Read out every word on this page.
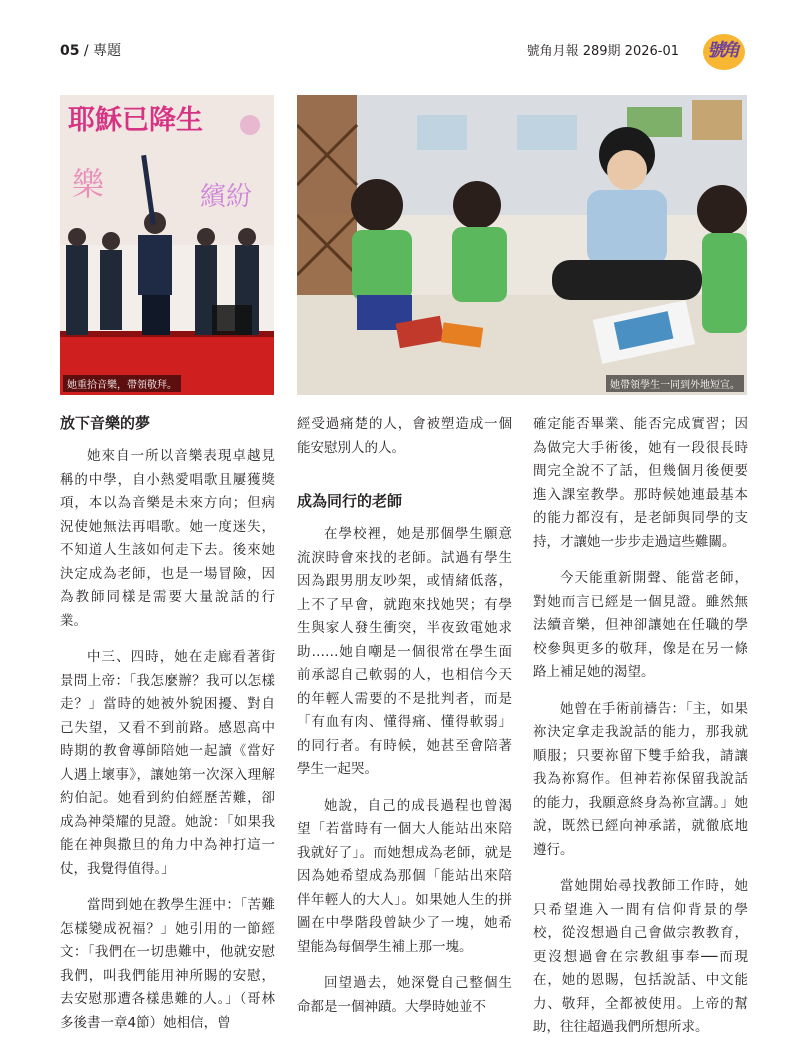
05 / 專題	號角月報 289期 2026-01 號角
耶穌已降生
樂	繽紛
她重拾音樂，帶領敬拜。	她帶領學生一同到外地短宣。
放下音樂的夢

她來自一所以音樂表現卓越見稱的中學，自小熱愛唱歌且屢獲獎項，本以為音樂是未來方向；但病況使她無法再唱歌。她一度迷失，不知道人生該如何走下去。後來她決定成為老師，也是一場冒險，因為教師同樣是需要大量說話的行業。

中三、四時，她在走廊看著街景問上帝：「我怎麼辦？我可以怎樣走？」當時的她被外貌困擾、對自己失望，又看不到前路。感恩高中時期的教會導師陪她一起讀《當好人遇上壞事》，讓她第一次深入理解約伯記。她看到約伯經歷苦難，卻成為神榮耀的見證。她說：「如果我能在神與撒旦的角力中為神打這一仗，我覺得值得。」

當問到她在教學生涯中：「苦難怎樣變成祝福？」她引用的一節經文：「我們在一切患難中，他就安慰我們，叫我們能用神所賜的安慰，去安慰那遭各樣患難的人。」（哥林多後書一章4節）她相信，曾

經受過痛楚的人，會被塑造成一個能安慰別人的人。

成為同行的老師

在學校裡，她是那個學生願意流淚時會來找的老師。試過有學生因為跟男朋友吵架，或情緒低落，上不了早會，就跑來找她哭；有學生與家人發生衝突，半夜致電她求助……她自嘲是一個很常在學生面前承認自己軟弱的人，也相信今天的年輕人需要的不是批判者，而是「有血有肉、懂得痛、懂得軟弱」的同行者。有時候，她甚至會陪著學生一起哭。

她說，自己的成長過程也曾渴望「若當時有一個大人能站出來陪我就好了」。而她想成為老師，就是因為她希望成為那個「能站出來陪伴年輕人的大人」。如果她人生的拼圖在中學階段曾缺少了一塊，她希望能為每個學生補上那一塊。

回望過去，她深覺自己整個生命都是一個神蹟。大學時她並不

確定能否畢業、能否完成實習；因為做完大手術後，她有一段很長時間完全說不了話，但幾個月後便要進入課室教學。那時候她連最基本的能力都沒有，是老師與同學的支持，才讓她一步步走過這些難關。

今天能重新開聲、能當老師，對她而言已經是一個見證。雖然無法續音樂，但神卻讓她在任職的學校參與更多的敬拜，像是在另一條路上補足她的渴望。

她曾在手術前禱告：「主，如果祢決定拿走我說話的能力，那我就順服；只要祢留下雙手給我，請讓我為祢寫作。但神若祢保留我說話的能力，我願意終身為祢宣講。」她說，既然已經向神承諾，就徹底地遵行。

當她開始尋找教師工作時，她只希望進入一間有信仰背景的學校，從沒想過自己會做宗教教育，更沒想過會在宗教組事奉──而現在，她的恩賜，包括說話、中文能力、敬拜，全都被使用。上帝的幫助，往往超過我們所想所求。
